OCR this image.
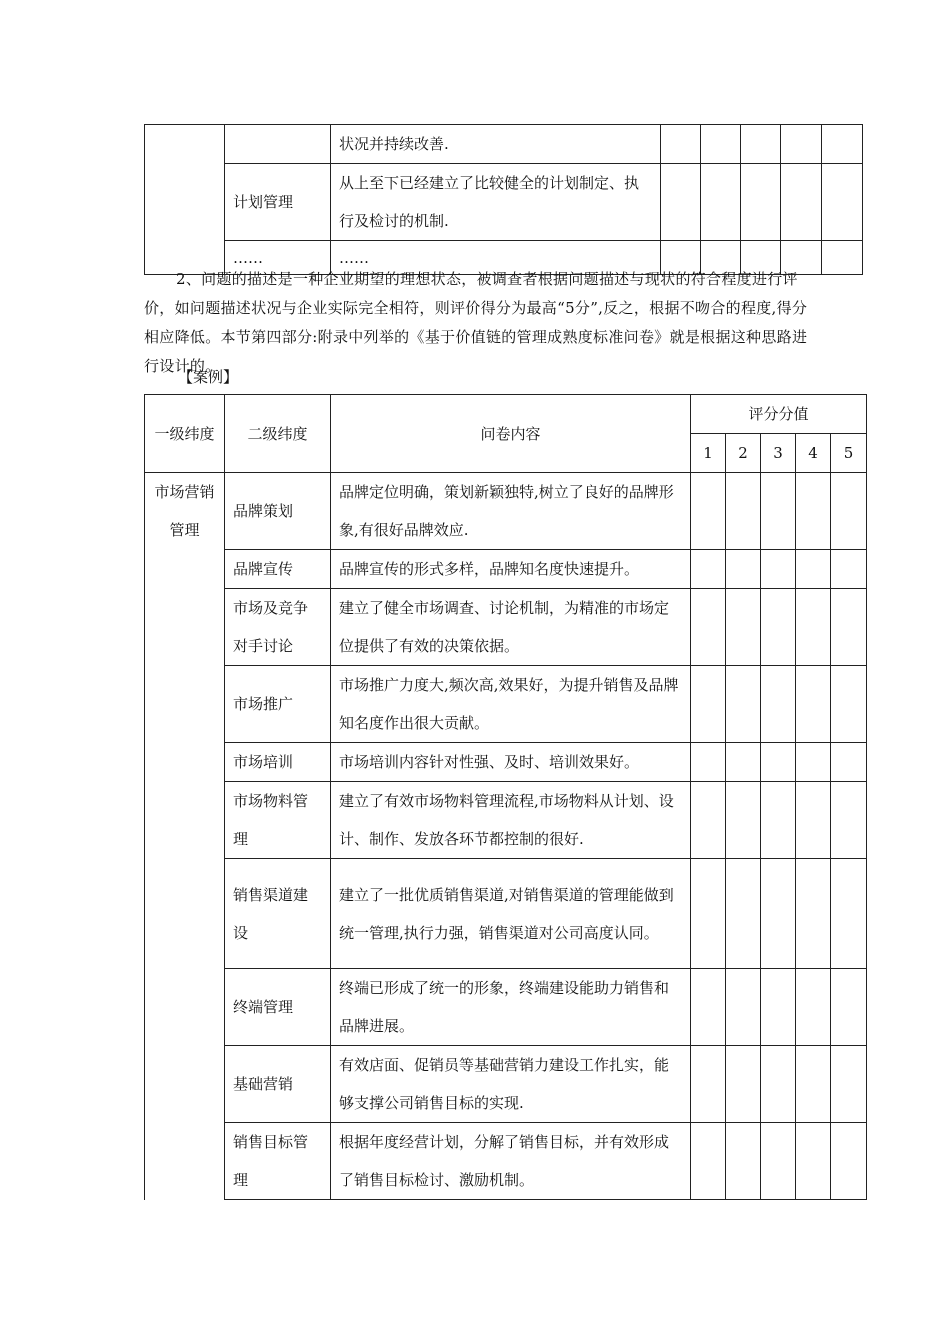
		状况并持续改善.					
	计划管理	从上至下已经建立了比较健全的计划制定、执行及检讨的机制.					
	……	……					
2、问题的描述是一种企业期望的理想状态，被调查者根据问题描述与现状的符合程度进行评价，如问题描述状况与企业实际完全相符，则评价得分为最高“5分”,反之，根据不吻合的程度,得分相应降低。本节第四部分:附录中列举的《基于价值链的管理成熟度标准问卷》就是根据这种思路进行设计的。
【案例】
一级纬度	二级纬度	问卷内容	评分分值				
			1	2	3	4	5
市场营销管理	品牌策划	品牌定位明确，策划新颖独特,树立了良好的品牌形象,有很好品牌效应.					
	品牌宣传	品牌宣传的形式多样，品牌知名度快速提升。					
	市场及竞争对手讨论	建立了健全市场调查、讨论机制，为精准的市场定位提供了有效的决策依据。					
	市场推广	市场推广力度大,频次高,效果好，为提升销售及品牌知名度作出很大贡献。					
	市场培训	市场培训内容针对性强、及时、培训效果好。					
	市场物料管理	建立了有效市场物料管理流程,市场物料从计划、设计、制作、发放各环节都控制的很好.					
	销售渠道建设	建立了一批优质销售渠道,对销售渠道的管理能做到统一管理,执行力强，销售渠道对公司高度认同。					
	终端管理	终端已形成了统一的形象，终端建设能助力销售和品牌进展。					
	基础营销	有效店面、促销员等基础营销力建设工作扎实，能够支撑公司销售目标的实现.					
	销售目标管理	根据年度经营计划，分解了销售目标，并有效形成了销售目标检讨、激励机制。					
